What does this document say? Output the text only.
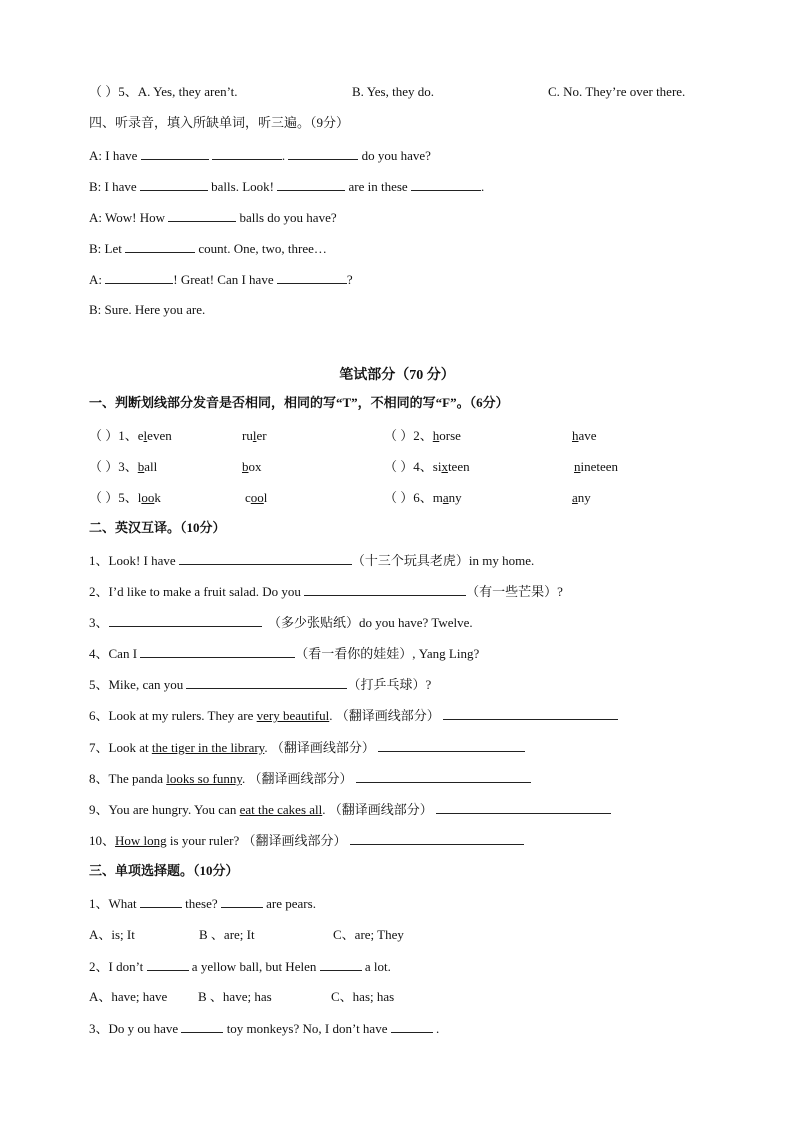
（ ）5、A. Yes, they aren’t.	B. Yes, they do.	C. No. They’re over there.
四、听录音，填入所缺单词，听三遍。（9分）
A: I have	.	do you have?
B: I have	balls. Look!	are in these	.
A: Wow! How	balls do you have?
B: Let	count. One, two, three…
A:	! Great! Can I have	?
B: Sure. Here you are.
笔试部分（70 分）
一、判断划线部分发音是否相同，相同的写“T”，不相同的写“F”。（6分）
（ ）1、eleven	ruler	（ ）2、horse	have
（ ）3、ball	box	（ ）4、sixteen	nineteen
（ ）5、look	cool	（ ）6、many	any
二、英汉互译。（10分）
1、Look! I have	（十三个玩具老虎）in my home.
2、I’d like to make a fruit salad. Do you	（有一些芒果）?
3、	（多少张贴纸）do you have? Twelve.
4、Can I	（看一看你的娃娃）, Yang Ling?
5、Mike, can you	（打乒乓球）?
6、Look at my rulers. They are very beautiful. （翻译画线部分）
7、Look at the tiger in the library. （翻译画线部分）
8、The panda looks so funny. （翻译画线部分）
9、You are hungry. You can eat the cakes all. （翻译画线部分）
10、How long is your ruler? （翻译画线部分）
三、单项选择题。（10分）
1、What	these?	are pears.
A、is; It	B 、are; It	C、are; They
2、I don’t	a yellow ball, but Helen	a lot.
A、have; have B 、have; has	C、has; has
3、Do y ou have	toy monkeys? No, I don’t have	.
